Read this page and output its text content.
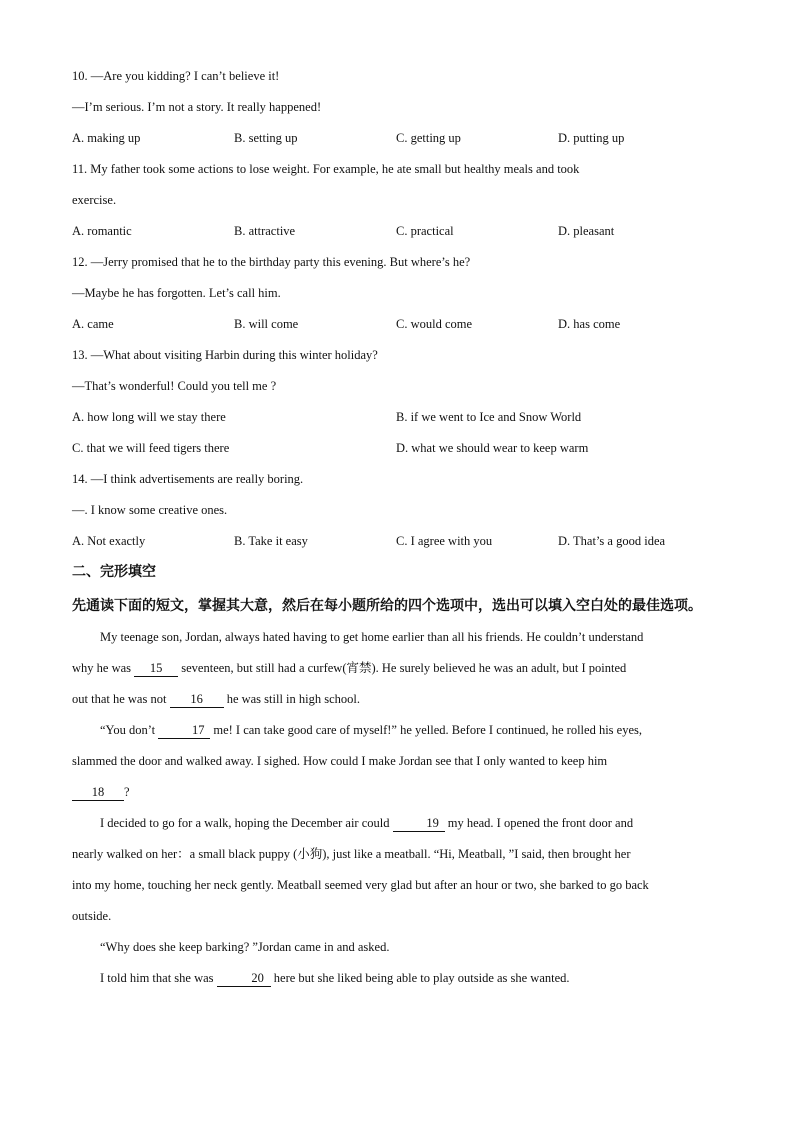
10. —Are you kidding? I can’t believe it!
—I’m serious. I’m not a story. It really happened!
A. making up	B. setting up	C. getting up	D. putting up
11. My father took some actions to lose weight. For example, he ate small but healthy meals and took
exercise.
A. romantic	B. attractive	C. practical	D. pleasant
12. —Jerry promised that he to the birthday party this evening. But where’s he?
—Maybe he has forgotten. Let’s call him.
A. came	B. will come	C. would come	D. has come
13. —What about visiting Harbin during this winter holiday?
—That’s wonderful! Could you tell me ?
A. how long will we stay there	B. if we went to Ice and Snow World
C. that we will feed tigers there	D. what we should wear to keep warm
14. —I think advertisements are really boring.
—. I know some creative ones.
A. Not exactly	B. Take it easy	C. I agree with you	D. That’s a good idea
二、完形填空
先通读下面的短文，掌握其大意，然后在每小题所给的四个选项中，选出可以填入空白处的最佳选项。
My teenage son, Jordan, always hated having to get home earlier than all his friends. He couldn’t understand
why he was 15 seventeen, but still had a curfew(宵禁). He surely believed he was an adult, but I pointed
out that he was not 16 he was still in high school.
“You don’t	17 me! I can take good care of myself!” he yelled. Before I continued, he rolled his eyes,
slammed the door and walked away. I sighed. How could I make Jordan see that I only wanted to keep him
18 ?
I decided to go for a walk, hoping the December air could	19 my head. I opened the front door and
nearly walked on her：a small black puppy (小狗), just like a meatball. “Hi, Meatball, ”I said, then brought her
into my home, touching her neck gently. Meatball seemed very glad but after an hour or two, she barked to go back
outside.
“Why does she keep barking? ”Jordan came in and asked.
I told him that she was	20 here but she liked being able to play outside as she wanted.
